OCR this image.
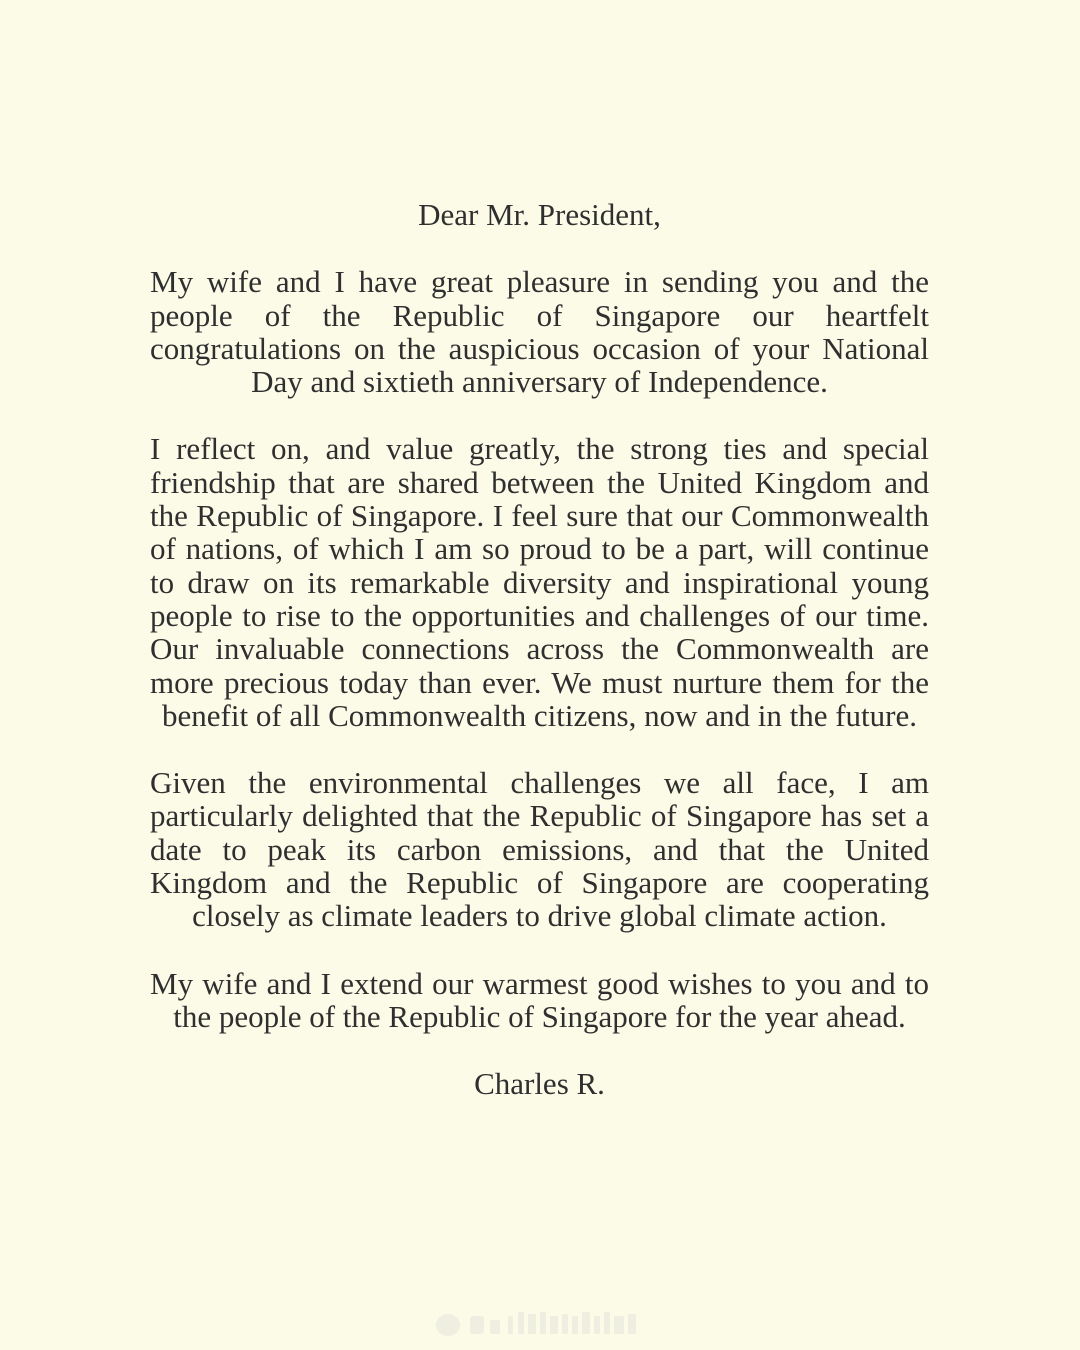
Dear Mr. President,

My wife and I have great pleasure in sending you and the people of the Republic of Singapore our heartfelt congratulations on the auspicious occasion of your National Day and sixtieth anniversary of Independence.

I reflect on, and value greatly, the strong ties and special friendship that are shared between the United Kingdom and the Republic of Singapore. I feel sure that our Commonwealth of nations, of which I am so proud to be a part, will continue to draw on its remarkable diversity and inspirational young people to rise to the opportunities and challenges of our time. Our invaluable connections across the Commonwealth are more precious today than ever. We must nurture them for the benefit of all Commonwealth citizens, now and in the future.

Given the environmental challenges we all face, I am particularly delighted that the Republic of Singapore has set a date to peak its carbon emissions, and that the United Kingdom and the Republic of Singapore are cooperating closely as climate leaders to drive global climate action.

My wife and I extend our warmest good wishes to you and to the people of the Republic of Singapore for the year ahead.

Charles R.
